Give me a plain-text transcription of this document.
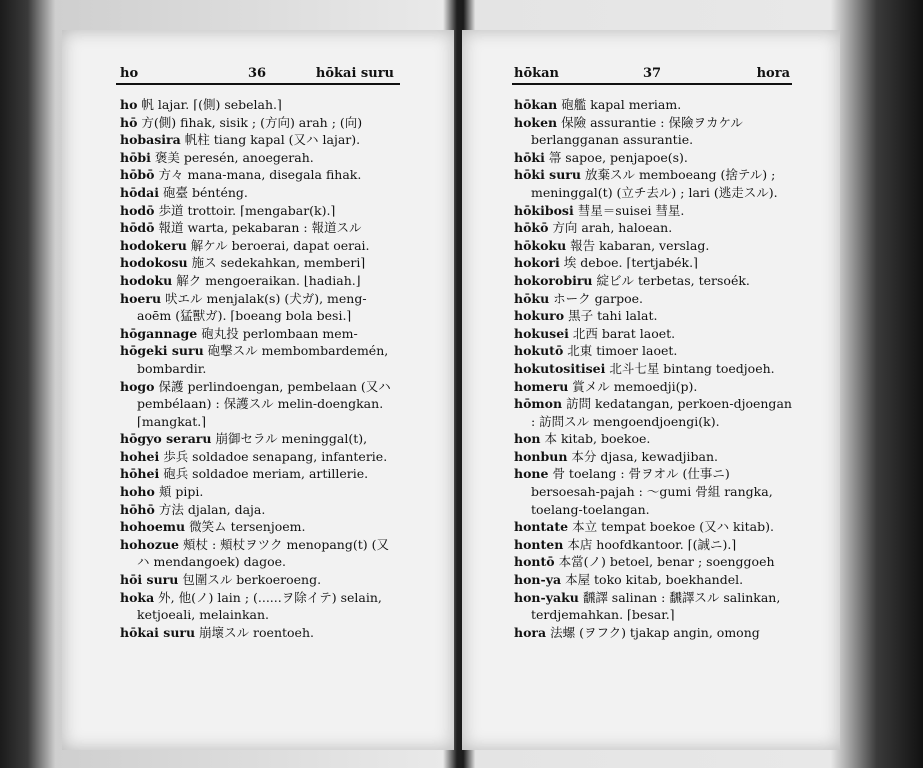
ho	36	hōkai suru

ho 帆 lajar. ⌈(側) sebelah.⌉

hō 方(側) fihak, sisik ; (方向) arah ; (向)

hobasira 帆柱 tiang kapal (又ハ lajar).

hōbi 褒美 peresén, anoegerah.

hōbō 方々 mana-mana, disegala fihak.

hōdai 砲臺 bénténg.

hodō 歩道 trottoir. ⌈mengabar(k).⌉

hōdō 報道 warta, pekabaran : 報道スル

hodokeru 解ケル beroerai, dapat oerai.

hodokosu 施ス sedekahkan, memberi⌉

hodoku 解ク mengoeraikan. ⌊hadiah.⌋

hoeru 吠エル menjalak(s) (犬ガ), meng-aoēm (猛獸ガ). ⌈boeang bola besi.⌉

hōgannage 砲丸投 perlombaan mem-

hōgeki suru 砲撃スル membombardemén, bombardir.

hogo 保護 perlindoengan, pembelaan (又ハ pembélaan) : 保護スル melin-doengkan. ⌈mangkat.⌉

hōgyo seraru 崩御セラル meninggal(t),

hohei 歩兵 soldadoe senapang, infanterie.

hōhei 砲兵 soldadoe meriam, artillerie.

hoho 頬 pipi.

hōhō 方法 djalan, daja.

hohoemu 微笑ム tersenjoem.

hohozue 頰杖 : 頰杖ヲツク menopang(t) (又ハ mendangoek) dagoe.

hōi suru 包圍スル berkoeroeng.

hoka 外, 他(ノ) lain ; (......ヲ除イテ) selain, ketjoeali, melainkan.

hōkai suru 崩壞スル roentoeh.

hōkan	37	hora

hōkan 砲艦 kapal meriam.

hoken 保險 assurantie : 保險ヲカケル berlangganan assurantie.

hōki 箒 sapoe, penjapoe(s).

hōki suru 放棄スル memboeang (捨テル) ; meninggal(t) (立チ去ル) ; lari (逃走スル).

hōkibosi 彗星＝suisei 彗星.

hōkō 方向 arah, haloean.

hōkoku 報告 kabaran, verslag.

hokori 埃 deboe. ⌈tertjabék.⌉

hokorobiru 綻ビル terbetas, tersoék.

hōku ホーク garpoe.

hokuro 黒子 tahi lalat.

hokusei 北西 barat laoet.

hokutō 北東 timoer laoet.

hokutositisei 北斗七星 bintang toedjoeh.

homeru 賞メル memoedji(p).

hōmon 訪問 kedatangan, perkoen-djoengan : 訪問スル mengoendjoengi(k).

hon 本 kitab, boekoe.

honbun 本分 djasa, kewadjiban.

hone 骨 toelang : 骨ヲオル (仕事ニ) bersoesah-pajah : ～gumi 骨組 rangka, toelang-toelangan.

hontate 本立 tempat boekoe (又ハ kitab).

honten 本店 hoofdkantoor. ⌈(誠ニ).⌉

hontō 本當(ノ) betoel, benar ; soenggoeh

hon-ya 本屋 toko kitab, boekhandel.

hon-yaku 飜譯 salinan : 飜譯スル salinkan, terdjemahkan. ⌈besar.⌉

hora 法螺 (ヲフク) tjakap angin, omong
